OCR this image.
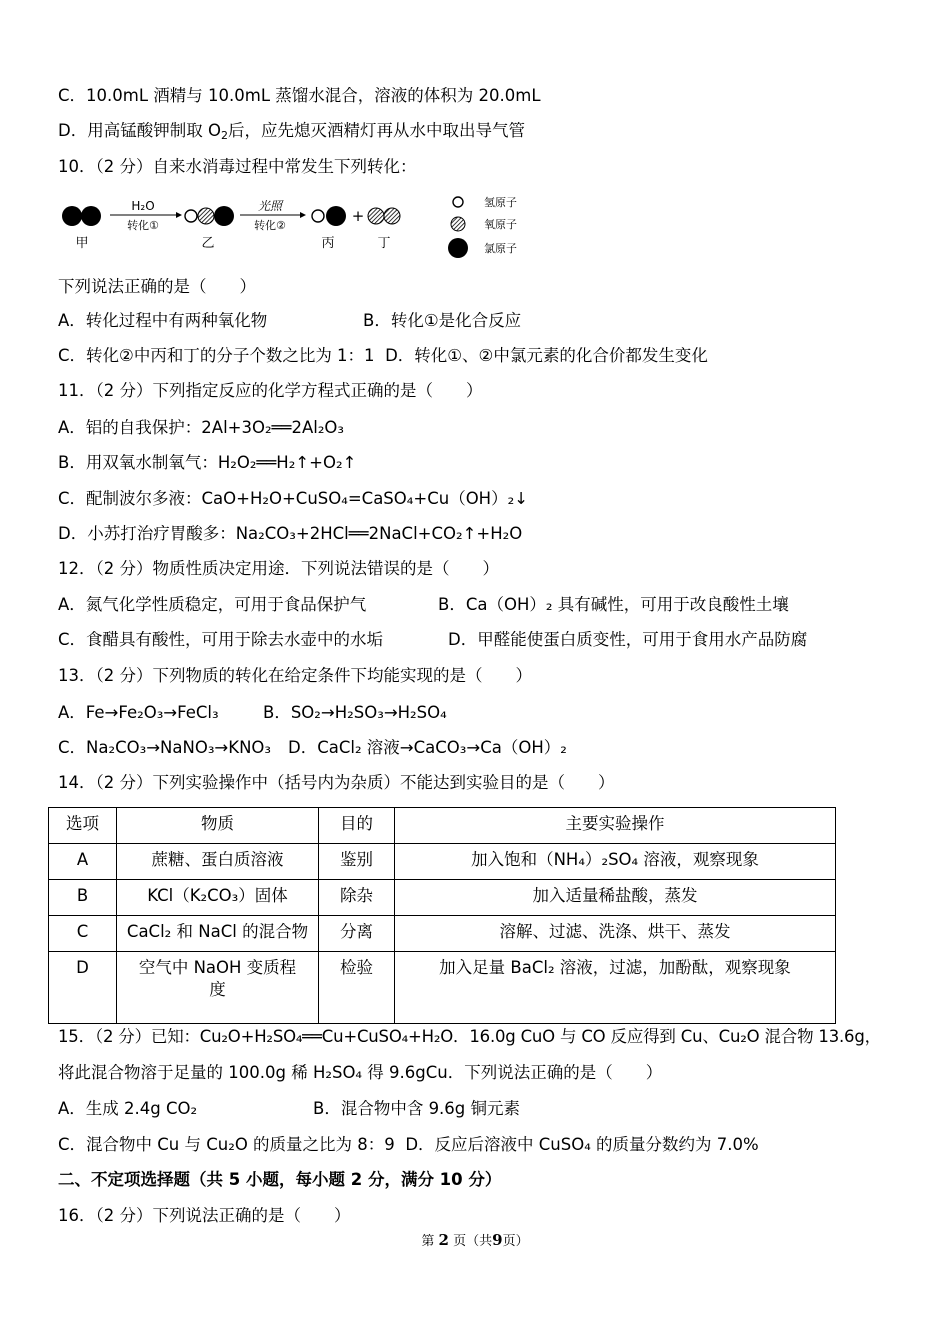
C．10.0mL 酒精与 10.0mL 蒸馏水混合，溶液的体积为 20.0mL
D．用高锰酸钾制取 $O_2$后，应先熄灭酒精灯再从水中取出导气管
10．（2 分）自来水消毒过程中常发生下列转化：
甲
H₂O
转化①
乙
光照
转化②
丙
+
丁
氢原子
氧原子
氯原子
下列说法正确的是（　　）
A．转化过程中有两种氧化物	B．转化①是化合反应
C．转化②中丙和丁的分子个数之比为 1：1 D．转化①、②中氯元素的化合价都发生变化
11．（2 分）下列指定反应的化学方程式正确的是（　　）
A．铝的自我保护：2Al+3O₂══2Al₂O₃
B．用双氧水制氧气：H₂O₂══H₂↑+O₂↑
C．配制波尔多液：CaO+H₂O+CuSO₄=CaSO₄+Cu（OH）₂↓
D．小苏打治疗胃酸多：Na₂CO₃+2HCl══2NaCl+CO₂↑+H₂O
12．（2 分）物质性质决定用途．下列说法错误的是（　　）
A．氮气化学性质稳定，可用于食品保护气	B．Ca（OH）₂ 具有碱性，可用于改良酸性土壤
C．食醋具有酸性，可用于除去水壶中的水垢	D．甲醛能使蛋白质变性，可用于食用水产品防腐
13．（2 分）下列物质的转化在给定条件下均能实现的是（　　）
A．Fe→Fe₂O₃→FeCl₃	B．SO₂→H₂SO₃→H₂SO₄
C．Na₂CO₃→NaNO₃→KNO₃ D．CaCl₂ 溶液→CaCO₃→Ca（OH）₂
14．（2 分）下列实验操作中（括号内为杂质）不能达到实验目的是（　　）
选项	物质	目的	主要实验操作
A	蔗糖、蛋白质溶液	鉴别	加入饱和（NH₄）₂SO₄ 溶液，观察现象
B	KCl（K₂CO₃）固体	除杂	加入适量稀盐酸，蒸发
C	CaCl₂ 和 NaCl 的混合物	分离	溶解、过滤、洗涤、烘干、蒸发
D	空气中 NaOH 变质程度	检验	加入足量 BaCl₂ 溶液，过滤，加酚酞，观察现象
15．（2 分）已知：Cu₂O+H₂SO₄══Cu+CuSO₄+H₂O．16.0g CuO 与 CO 反应得到 Cu、Cu₂O 混合物 13.6g，
将此混合物溶于足量的 100.0g 稀 H₂SO₄ 得 9.6gCu．下列说法正确的是（　　）
A．生成 2.4g CO₂	B．混合物中含 9.6g 铜元素
C．混合物中 Cu 与 Cu₂O 的质量之比为 8：9 D．反应后溶液中 CuSO₄ 的质量分数约为 7.0%
二、不定项选择题（共 5 小题，每小题 2 分，满分 10 分）
16．（2 分）下列说法正确的是（　　）
第 2 页（共9页）
